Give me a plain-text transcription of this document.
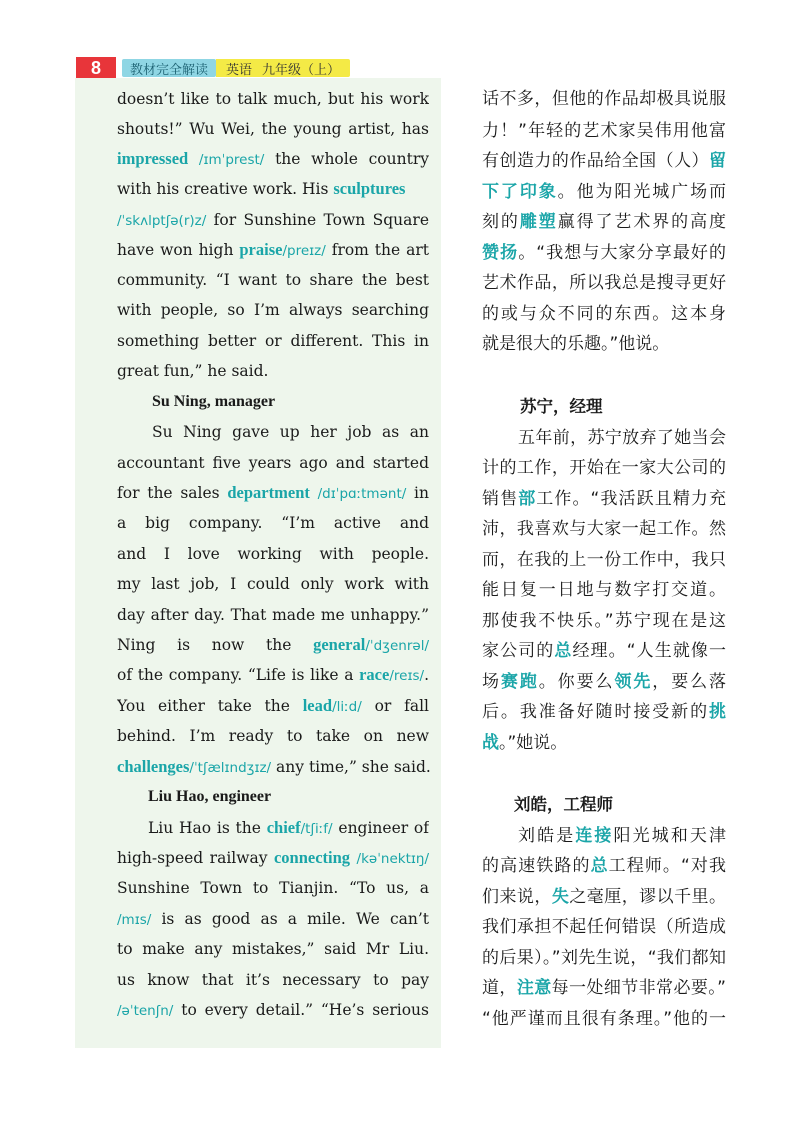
8	教材完全解读	英语 九年级（上）
doesn’t like to talk much, but his work
shouts!” Wu Wei, the young artist, has
impressed /ɪmˈprest/ the whole country
with his creative work. His sculptures
/ˈskʌlptʃə(r)z/ for Sunshine Town Square
have won high praise/preɪz/ from the art
community. “I want to share the best
with people, so I’m always searching
something better or different. This in
great fun,” he said.
Su Ning, manager
Su Ning gave up her job as an
accountant five years ago and started
for the sales department /dɪˈpɑːtmənt/ in
a big company. “I’m active and
and I love working with people.
my last job, I could only work with
day after day. That made me unhappy.”
Ning is now the general/ˈdʒenrəl/
of the company. “Life is like a race/reɪs/.
You either take the lead/liːd/ or fall
behind. I’m ready to take on new
challenges/ˈtʃælɪndʒɪz/ any time,” she said.
Liu Hao, engineer
Liu Hao is the chief/tʃiːf/ engineer of
high-speed railway connecting /kəˈnektɪŋ/
Sunshine Town to Tianjin. “To us, a
/mɪs/ is as good as a mile. We can’t
to make any mistakes,” said Mr Liu.
us know that it’s necessary to pay
/əˈtenʃn/ to every detail.” “He’s serious
话不多，但他的作品却极具说服
力！”年轻的艺术家吴伟用他富
有创造力的作品给全国（人）留
下了印象。他为阳光城广场而
刻的雕塑赢得了艺术界的高度
赞扬。“我想与大家分享最好的
艺术作品，所以我总是搜寻更好
的或与众不同的东西。这本身
就是很大的乐趣。”他说。
苏宁，经理
五年前，苏宁放弃了她当会
计的工作，开始在一家大公司的
销售部工作。“我活跃且精力充
沛，我喜欢与大家一起工作。然
而，在我的上一份工作中，我只
能日复一日地与数字打交道。
那使我不快乐。”苏宁现在是这
家公司的总经理。“人生就像一
场赛跑。你要么领先，要么落
后。我准备好随时接受新的挑
战。”她说。
刘皓，工程师
刘皓是连接阳光城和天津
的高速铁路的总工程师。“对我
们来说，失之毫厘，谬以千里。
我们承担不起任何错误（所造成
的后果）。”刘先生说，“我们都知
道，注意每一处细节非常必要。”
“他严谨而且很有条理。”他的一
